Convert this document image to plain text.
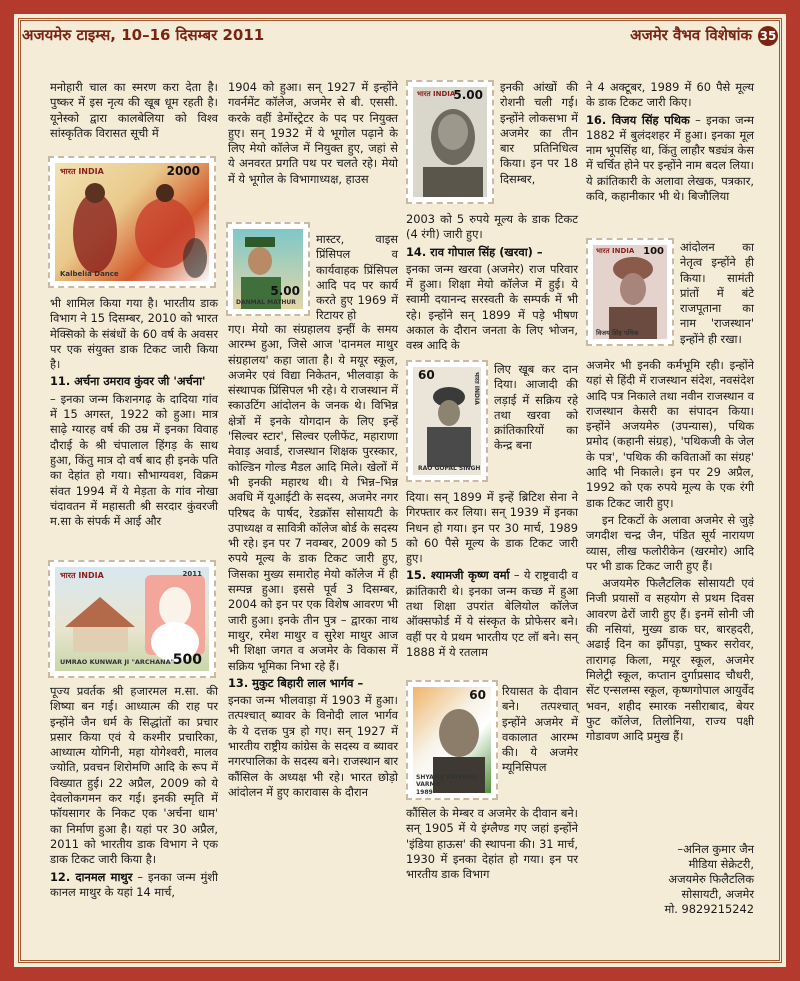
अजयमेरु टाइम्स, 10–16 दिसम्बर 2011	अजमेर वैभव विशेषांक 35

मनोहारी चाल का स्मरण करा देता है। पुष्कर में इस नृत्य की खूब धूम रहती है। यूनेस्को द्वारा कालबेलिया को विश्व सांस्कृतिक विरासत सूची में

भारत INDIA	2000
Kalbelia Dance

भी शामिल किया गया है। भारतीय डाक विभाग ने 15 दिसम्बर, 2010 को भारत मेक्सिको के संबंधों के 60 वर्ष के अवसर पर एक संयुक्त डाक टिकट जारी किया है।

11. अर्चना उमराव कुंवर जी 'अर्चना'

– इनका जन्म किशनगढ़ के दादिया गांव में 15 अगस्त, 1922 को हुआ। मात्र साढ़े ग्यारह वर्ष की उम्र में इनका विवाह दौराई के श्री चंपालाल हिंगड़ के साथ हुआ, किंतु मात्र दो वर्ष बाद ही इनके पति का देहांत हो गया। सौभाग्यवश, विक्रम संवत 1994 में ये मेड़ता के गांव नोखा चंदावतन में महासती श्री सरदार कुंवरजी म.सा के संपर्क में आई और

भारत INDIA	2011
UMRAO KUNWAR JI "ARCHANA"
500

पूज्य प्रवर्तक श्री हजारमल म.सा. की शिष्या बन गई। आध्यात्म की राह पर इन्होंने जैन धर्म के सिद्धांतों का प्रचार प्रसार किया एवं ये कश्मीर प्रचारिका, आध्यात्म योगिनी, महा योगेश्वरी, मालव ज्योति, प्रवचन शिरोमणि आदि के रूप में विख्यात हुई। 22 अप्रैल, 2009 को ये देवलोकगमन कर गई। इनकी स्मृति में फॉयसागर के निकट एक 'अर्चना धाम' का निर्माण हुआ है। यहां पर 30 अप्रैल, 2011 को भारतीय डाक विभाग ने एक डाक टिकट जारी किया है।

12. दानमल माथुर – इनका जन्म मुंशी कानल माथुर के यहां 14 मार्च,

1904 को हुआ। सन् 1927 में इन्होंने गवर्नमेंट कॉलेज, अजमेर से बी. एससी. करके वहीं डेमोंस्ट्रेटर के पद पर नियुक्त हुए। सन् 1932 में ये भूगोल पढ़ाने के लिए मेयो कॉलेज में नियुक्त हुए, जहां से ये अनवरत प्रगति पथ पर चलते रहे। मेयो में ये भूगोल के विभागाध्यक्ष, हाउस

DANMAL MATHUR
5.00

मास्टर, वाइस प्रिंसिपल व कार्यवाहक प्रिंसिपल आदि पद पर कार्य करते हुए 1969 में रिटायर हो

गए। मेयो का संग्रहालय इन्हीं के समय आरम्भ हुआ, जिसे आज 'दानमल माथुर संग्रहालय' कहा जाता है। ये मयूर स्कूल, अजमेर एवं विद्या निकेतन, भीलवाड़ा के संस्थापक प्रिंसिपल भी रहे। ये राजस्थान में स्काउटिंग आंदोलन के जनक थे। विभिन्न क्षेत्रों में इनके योगदान के लिए इन्हें 'सिल्वर स्टार', सिल्वर एलीफेंट, महाराणा मेवाड़ अवार्ड, राजस्थान शिक्षक पुरस्कार, कोल्डिन गोल्ड मैडल आदि मिले। खेलों में भी इनकी महारथ थी। ये भिन्न–भिन्न अवधि में यूआईटी के सदस्य, अजमेर नगर परिषद के पार्षद, रेडक्रॉस सोसायटी के उपाध्यक्ष व सावित्री कॉलेज बोर्ड के सदस्य भी रहे। इन पर 7 नवम्बर, 2009 को 5 रुपये मूल्य के डाक टिकट जारी हुए, जिसका मुख्य समारोह मेयो कॉलेज में ही सम्पन्न हुआ। इससे पूर्व 3 दिसम्बर, 2004 को इन पर एक विशेष आवरण भी जारी हुआ। इनके तीन पुत्र – द्वारका नाथ माथुर, रमेश माथुर व सुरेश माथुर आज भी शिक्षा जगत व अजमेर के विकास में सक्रिय भूमिका निभा रहे हैं।

13. मुकुट बिहारी लाल भार्गव –

इनका जन्म भीलवाड़ा में 1903 में हुआ। तत्पश्चात् ब्यावर के विनोदी लाल भार्गव के ये दत्तक पुत्र हो गए। सन् 1927 में भारतीय राष्ट्रीय कांग्रेस के सदस्य व ब्यावर नगरपालिका के सदस्य बने। राजस्थान बार कौंसिल के अध्यक्ष भी रहे। भारत छोड़ो आंदोलन में हुए कारावास के दौरान

भारत INDIA
5.00

इनकी आंखों की रोशनी चली गई। इन्होंने लोकसभा में अजमेर का तीन बार प्रतिनिधित्व किया। इन पर 18 दिसम्बर,

2003 को 5 रुपये मूल्य के डाक टिकट (4 रंगी) जारी हुए।

14. राव गोपाल सिंह (खरवा) –

इनका जन्म खरवा (अजमेर) राज परिवार में हुआ। शिक्षा मेयो कॉलेज में हुई। ये स्वामी दयानन्द सरस्वती के सम्पर्क में भी रहे। इन्होंने सन् 1899 में पड़े भीषण अकाल के दौरान जनता के लिए भोजन, वस्त्र आदि के

भारत INDIA
60
RAO GOPAL SINGH

लिए खूब कर दान दिया। आजादी की लड़ाई में सक्रिय रहे तथा खरवा को क्रांतिकारियों का केन्द्र बना

दिया। सन् 1899 में इन्हें ब्रिटिश सेना ने गिरफ्तार कर लिया। सन् 1939 में इनका निधन हो गया। इन पर 30 मार्च, 1989 को 60 पैसे मूल्य के डाक टिकट जारी हुए।

15. श्यामजी कृष्ण वर्मा – ये राष्ट्रवादी व क्रांतिकारी थे। इनका जन्म कच्छ में हुआ तथा शिक्षा उपरांत बेलियोल कॉलेज ऑक्सफोर्ड में ये संस्कृत के प्रोफेसर बने। वहीं पर ये प्रथम भारतीय एट लॉ बने। सन् 1888 में ये रतलाम

60
SHYAMJI KRISHNA VARMA
1989

रियासत के दीवान बने। तत्पश्चात् इन्होंने अजमेर में वकालात आरम्भ की। ये अजमेर म्यूनिसिपल

कौंसिल के मेम्बर व अजमेर के दीवान बने। सन् 1905 में ये इंग्लैण्ड गए जहां इन्होंने 'इंडिया हाऊस' की स्थापना की। 31 मार्च, 1930 में इनका देहांत हो गया। इन पर भारतीय डाक विभाग

ने 4 अक्टूबर, 1989 में 60 पैसे मूल्य के डाक टिकट जारी किए।

16. विजय सिंह पथिक – इनका जन्म 1882 में बुलंदशहर में हुआ। इनका मूल नाम भूपसिंह था, किंतु लाहौर षड्यंत्र केस में चर्चित होने पर इन्होंने नाम बदल लिया। ये क्रांतिकारी के अलावा लेखक, पत्रकार, कवि, कहानीकार भी थे। बिजौलिया

भारत INDIA 100
विजय सिंह पथिक

आंदोलन का नेतृत्व इन्होंने ही किया। सामंती प्रांतों में बंटे राजपूताना का नाम 'राजस्थान' इन्होंने ही रखा।

अजमेर भी इनकी कर्मभूमि रही। इन्होंने यहां से हिंदी में राजस्थान संदेश, नवसंदेश आदि पत्र निकाले तथा नवीन राजस्थान व राजस्थान केसरी का संपादन किया। इन्होंने अजयमेरु (उपन्यास), पथिक प्रमोद (कहानी संग्रह), 'पथिकजी के जेल के पत्र', 'पथिक की कविताओं का संग्रह' आदि भी निकाले। इन पर 29 अप्रैल, 1992 को एक रुपये मूल्य के एक रंगी डाक टिकट जारी हुए।

इन टिकटों के अलावा अजमेर से जुड़े जगदीश चन्द्र जैन, पंडित सूर्य नारायण व्यास, लीख फलोरीकेन (खरमोर) आदि पर भी डाक टिकट जारी हुए हैं।

अजयमेरु फिलैटलिक सोसायटी एवं निजी प्रयासों व सहयोग से प्रथम दिवस आवरण ढेरों जारी हुए हैं। इनमें सोनी जी की नसियां, मुख्य डाक घर, बारहदरी, अढाई दिन का झौंपड़ा, पुष्कर सरोवर, तारागढ़ किला, मयूर स्कूल, अजमेर मिलेट्री स्कूल, कप्तान दुर्गाप्रसाद चौधरी, सेंट एन्सलम्स स्कूल, कृष्णगोपाल आयुर्वेद भवन, शहीद स्मारक नसीराबाद, बेयर फुट कॉलेज, तिलोनिया, राज्य पक्षी गोडावण आदि प्रमुख हैं।

–अनिल कुमार जैन
मीडिया सेक्रेटरी,
अजयमेरु फिलैटलिक
सोसायटी, अजमेर
मो. 9829215242
